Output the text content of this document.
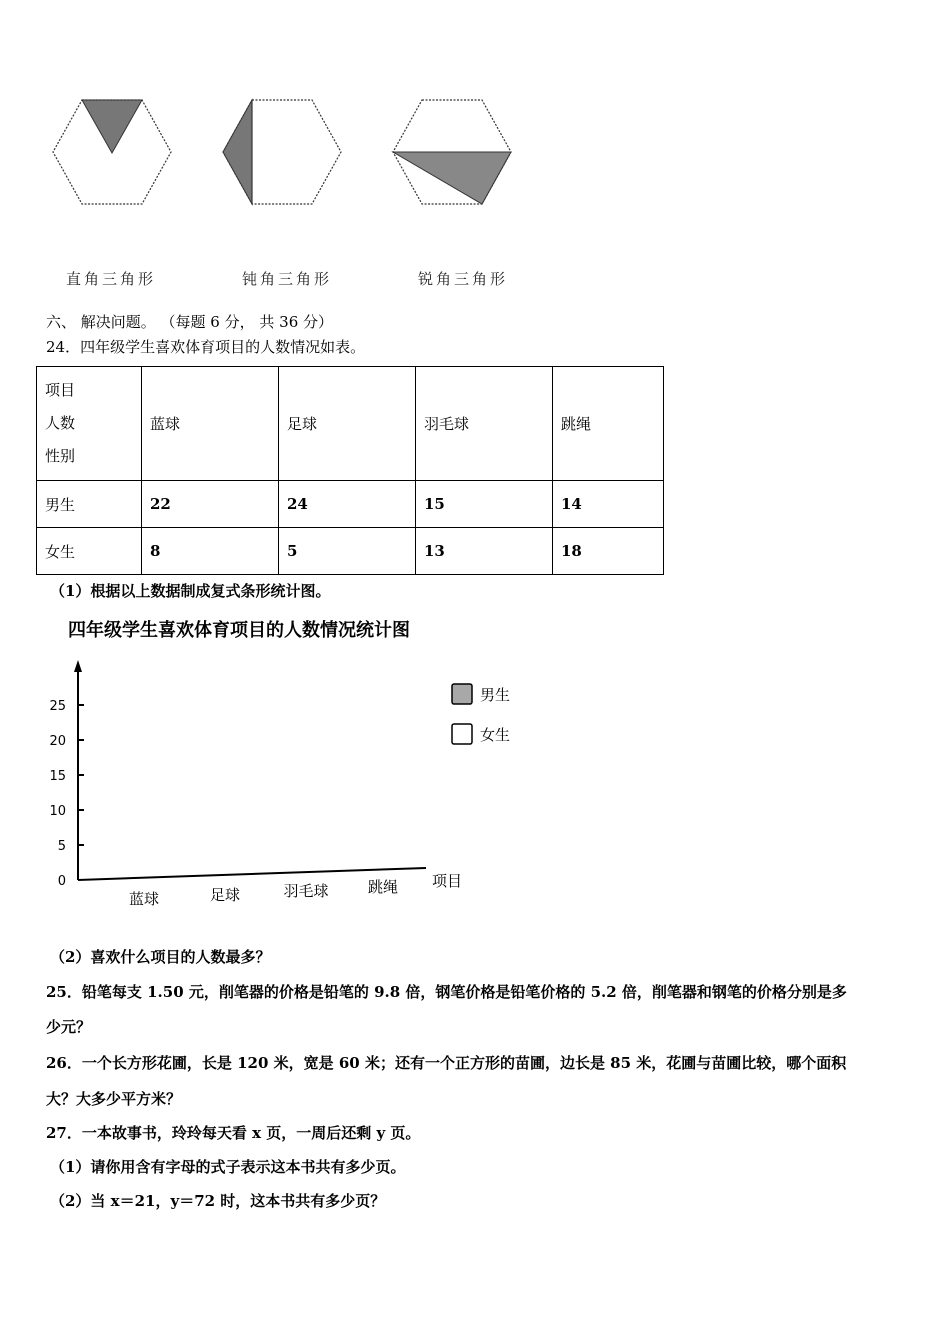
直角三角形	钝角三角形	锐角三角形
六、 解决问题。 （每题 6 分， 共 36 分）
24．四年级学生喜欢体育项目的人数情况如表。
项目
人数
性别	蓝球	足球	羽毛球	跳绳
男生	22	24	15	14
女生	8	5	13	18
（1）根据以上数据制成复式条形统计图。
四年级学生喜欢体育项目的人数情况统计图
0
5
10
15
20
25
蓝球	足球	羽毛球	跳绳 项目
男生
女生
（2）喜欢什么项目的人数最多？
25．铅笔每支 1.50 元，削笔器的价格是铅笔的 9.8 倍，钢笔价格是铅笔价格的 5.2 倍，削笔器和钢笔的价格分别是多
少元？
26．一个长方形花圃，长是 120 米，宽是 60 米；还有一个正方形的苗圃，边长是 85 米，花圃与苗圃比较，哪个面积
大？大多少平方米？
27．一本故事书，玲玲每天看 x 页，一周后还剩 y 页。
（1）请你用含有字母的式子表示这本书共有多少页。
（2）当 x＝21，y＝72 时，这本书共有多少页？
